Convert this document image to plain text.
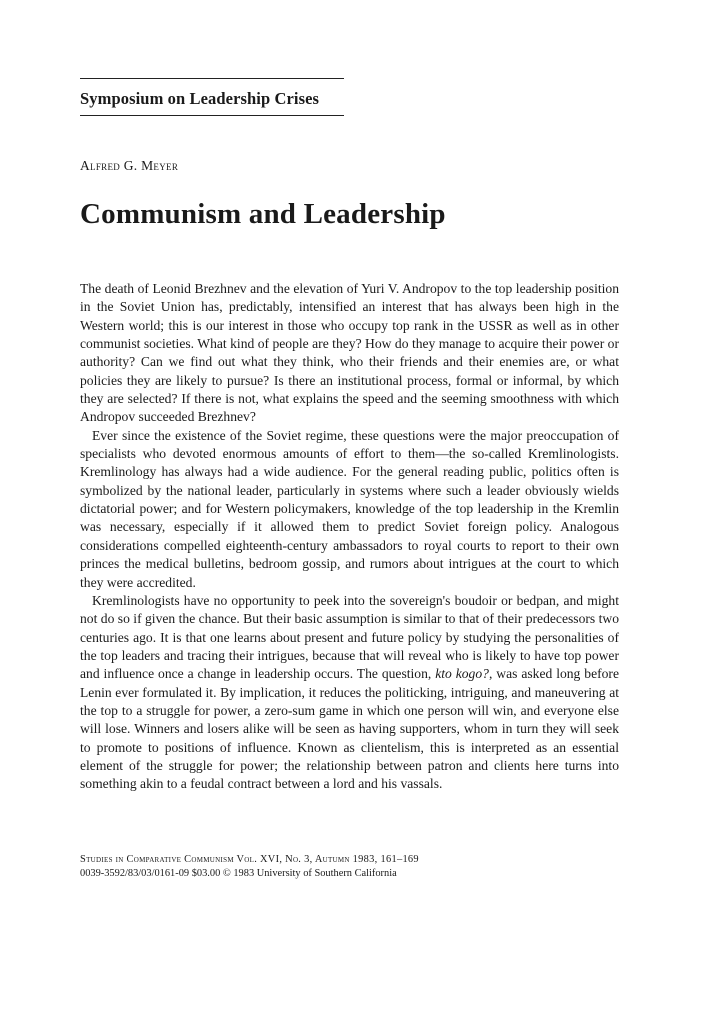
Symposium on Leadership Crises

Alfred G. Meyer

Communism and Leadership

The death of Leonid Brezhnev and the elevation of Yuri V. Andropov to the top leadership position in the Soviet Union has, predictably, intensified an interest that has always been high in the Western world; this is our interest in those who occupy top rank in the USSR as well as in other communist societies. What kind of people are they? How do they manage to acquire their power or authority? Can we find out what they think, who their friends and their enemies are, or what policies they are likely to pursue? Is there an institutional process, formal or informal, by which they are selected? If there is not, what explains the speed and the seeming smoothness with which Andropov succeeded Brezhnev?

Ever since the existence of the Soviet regime, these questions were the major preoccupation of specialists who devoted enormous amounts of effort to them—the so-called Kremlinologists. Kremlinology has always had a wide audience. For the general reading public, politics often is symbolized by the national leader, particularly in systems where such a leader obviously wields dictatorial power; and for Western policymakers, knowledge of the top leadership in the Kremlin was necessary, especially if it allowed them to predict Soviet foreign policy. Analogous considerations compelled eighteenth-century ambassadors to royal courts to report to their own princes the medical bulletins, bedroom gossip, and rumors about intrigues at the court to which they were accredited.

Kremlinologists have no opportunity to peek into the sovereign's boudoir or bedpan, and might not do so if given the chance. But their basic assumption is similar to that of their predecessors two centuries ago. It is that one learns about present and future policy by studying the personalities of the top leaders and tracing their intrigues, because that will reveal who is likely to have top power and influence once a change in leadership occurs. The question, kto kogo?, was asked long before Lenin ever formulated it. By implication, it reduces the politicking, intriguing, and maneuvering at the top to a struggle for power, a zero-sum game in which one person will win, and everyone else will lose. Winners and losers alike will be seen as having supporters, whom in turn they will seek to promote to positions of influence. Known as clientelism, this is interpreted as an essential element of the struggle for power; the relationship between patron and clients here turns into something akin to a feudal contract between a lord and his vassals.

Studies in Comparative Communism Vol. XVI, No. 3, Autumn 1983, 161–169
0039-3592/83/03/0161-09 $03.00 © 1983 University of Southern California
